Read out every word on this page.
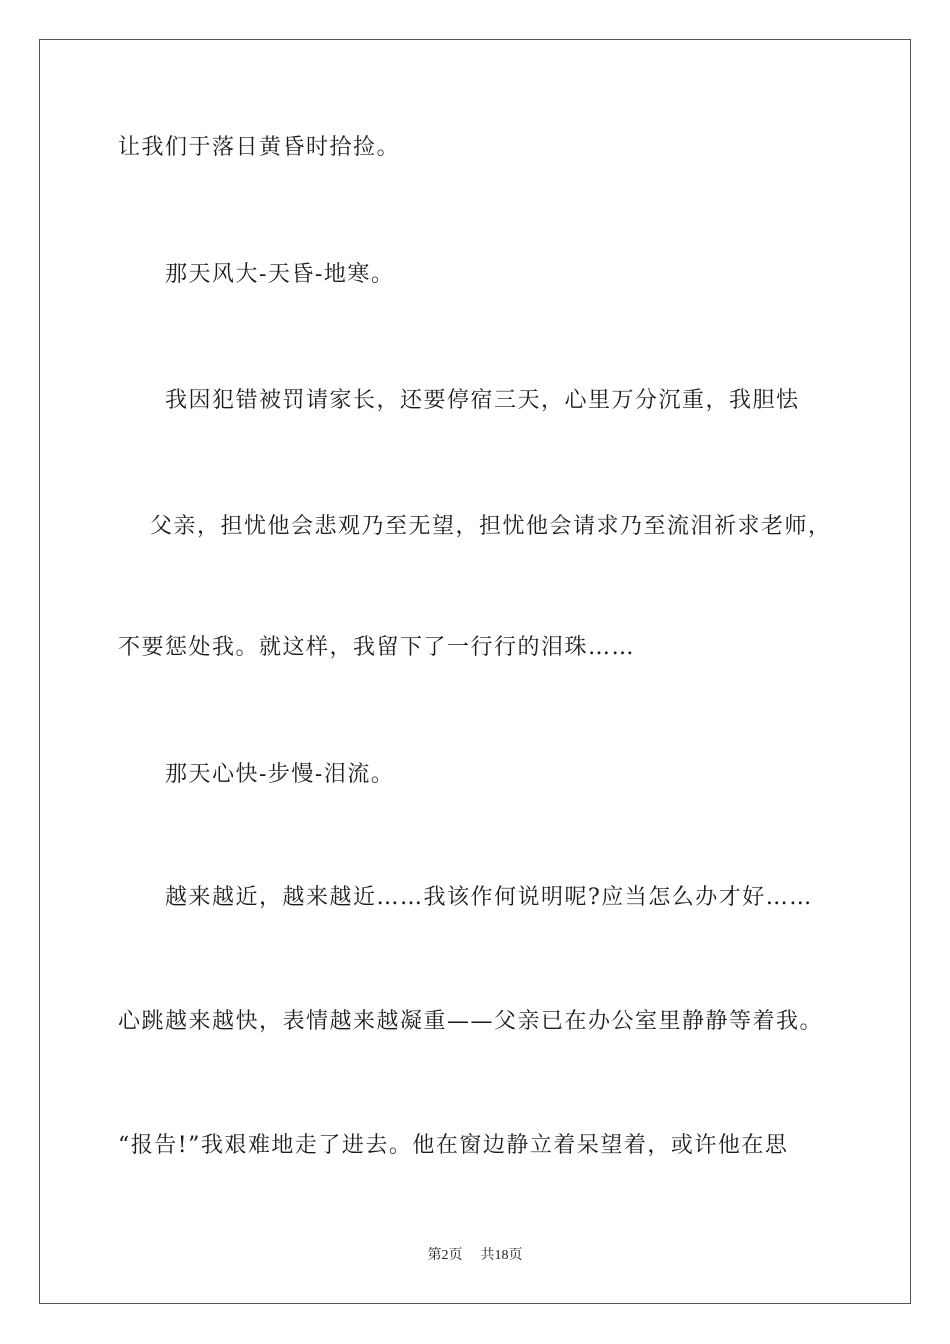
让我们于落日黄昏时拾捡。
那天风大-天昏-地寒。
我因犯错被罚请家长，还要停宿三天，心里万分沉重，我胆怯
父亲，担忧他会悲观乃至无望，担忧他会请求乃至流泪祈求老师，
不要惩处我。就这样，我留下了一行行的泪珠……
那天心快-步慢-泪流。
越来越近，越来越近……我该作何说明呢?应当怎么办才好……
心跳越来越快，表情越来越凝重——父亲已在办公室里静静等着我。
“报告!”我艰难地走了进去。他在窗边静立着呆望着，或许他在思
第2页 共18页
